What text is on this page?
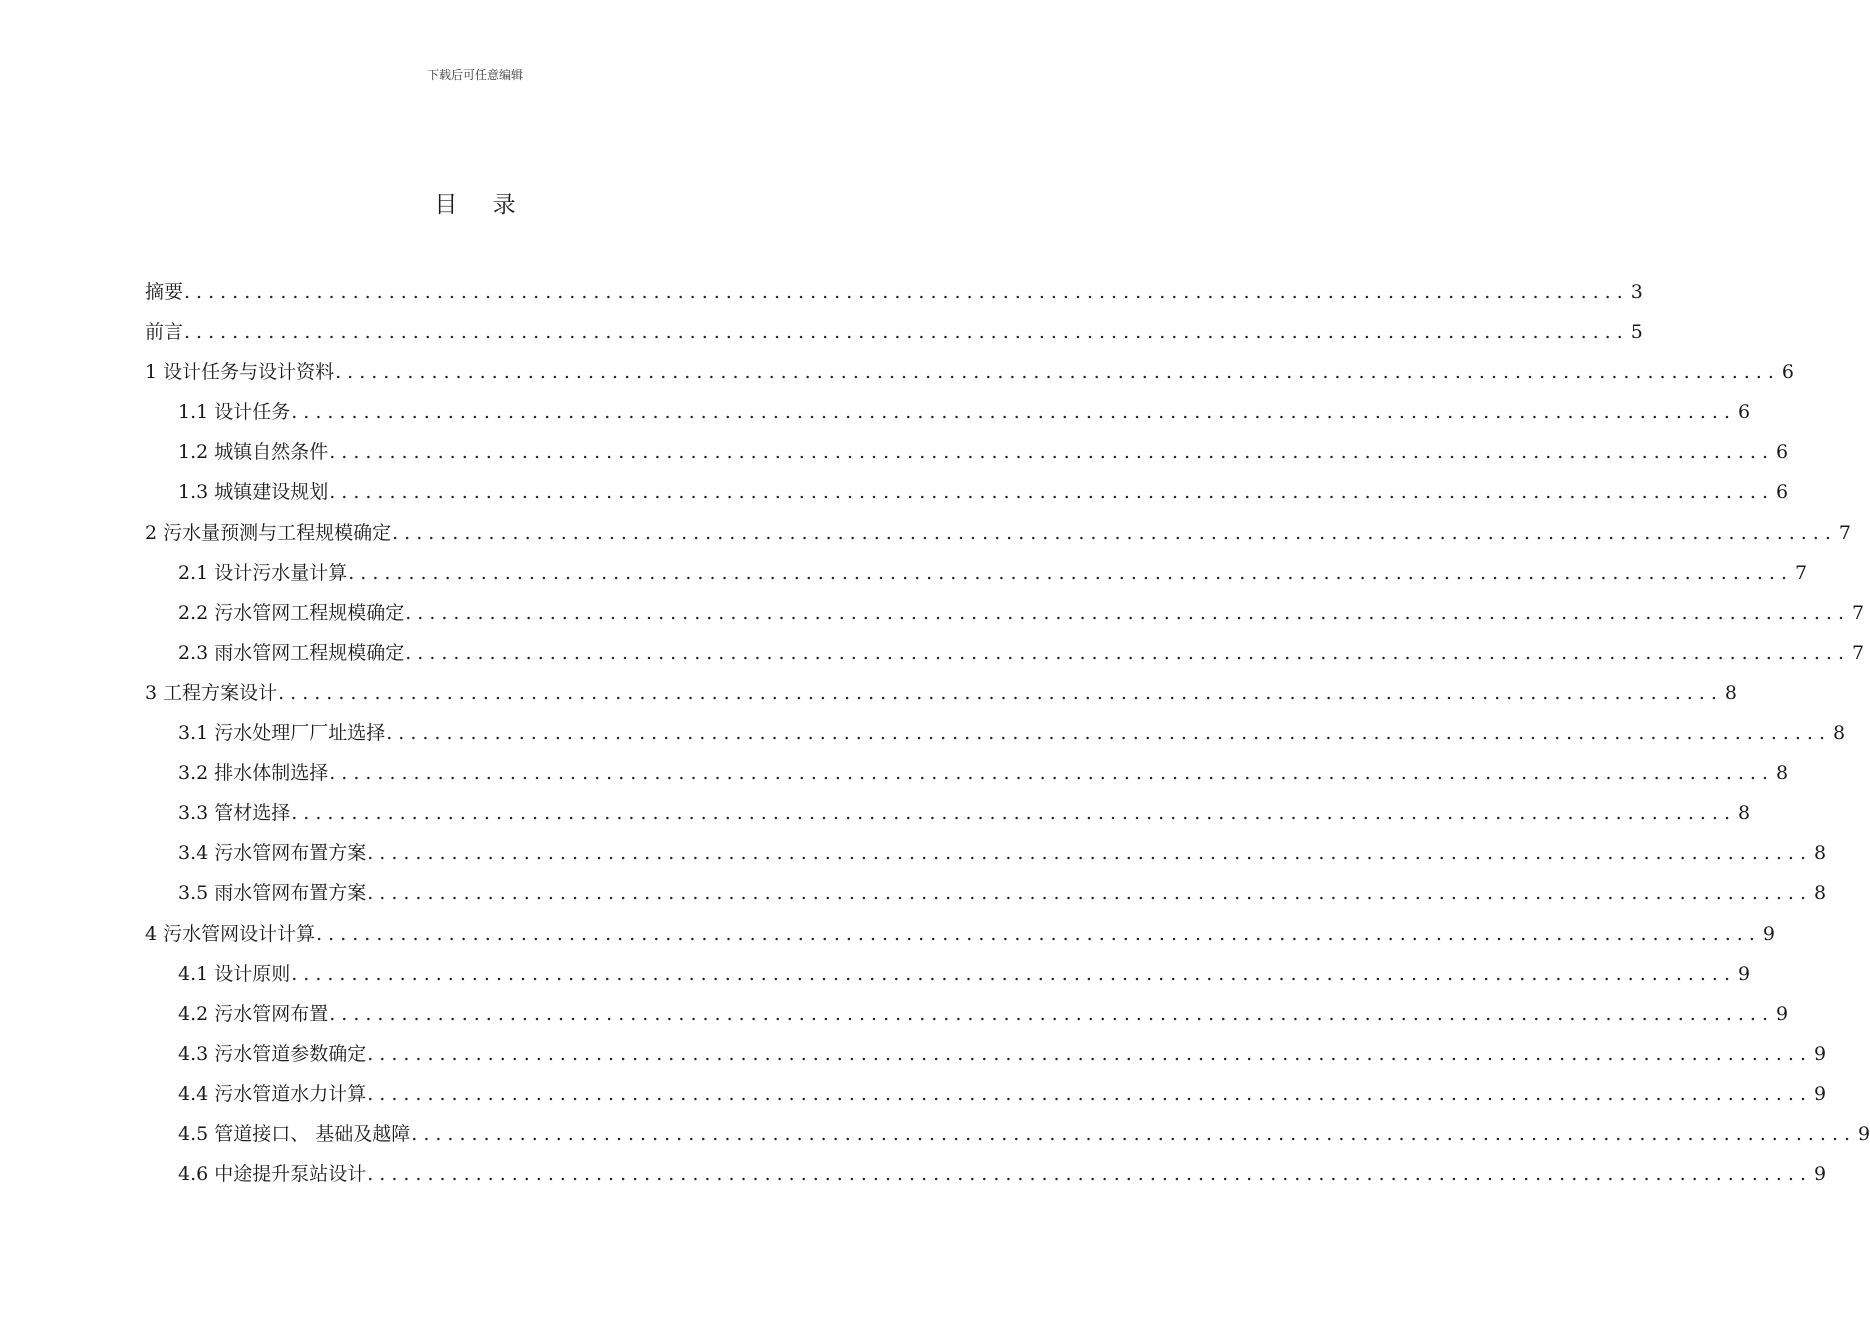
下载后可任意编辑
目 录
摘要 ........................................................................................................................ 3
前言 ........................................................................................................................ 5
1 设计任务与设计资料 ........................................................................................................................ 6
1.1 设计任务 ........................................................................................................................ 6
1.2 城镇自然条件 ........................................................................................................................ 6
1.3 城镇建设规划 ........................................................................................................................ 6
2 污水量预测与工程规模确定 ........................................................................................................................ 7
2.1 设计污水量计算 ........................................................................................................................ 7
2.2 污水管网工程规模确定 ........................................................................................................................ 7
2.3 雨水管网工程规模确定 ........................................................................................................................ 7
3 工程方案设计 ........................................................................................................................ 8
3.1 污水处理厂厂址选择 ........................................................................................................................ 8
3.2 排水体制选择 ........................................................................................................................ 8
3.3 管材选择 ........................................................................................................................ 8
3.4 污水管网布置方案 ........................................................................................................................ 8
3.5 雨水管网布置方案 ........................................................................................................................ 8
4 污水管网设计计算 ........................................................................................................................ 9
4.1 设计原则 ........................................................................................................................ 9
4.2 污水管网布置 ........................................................................................................................ 9
4.3 污水管道参数确定 ........................................................................................................................ 9
4.4 污水管道水力计算 ........................................................................................................................ 9
4.5 管道接口、 基础及越障 ........................................................................................................................ 9
4.6 中途提升泵站设计 ........................................................................................................................ 9
